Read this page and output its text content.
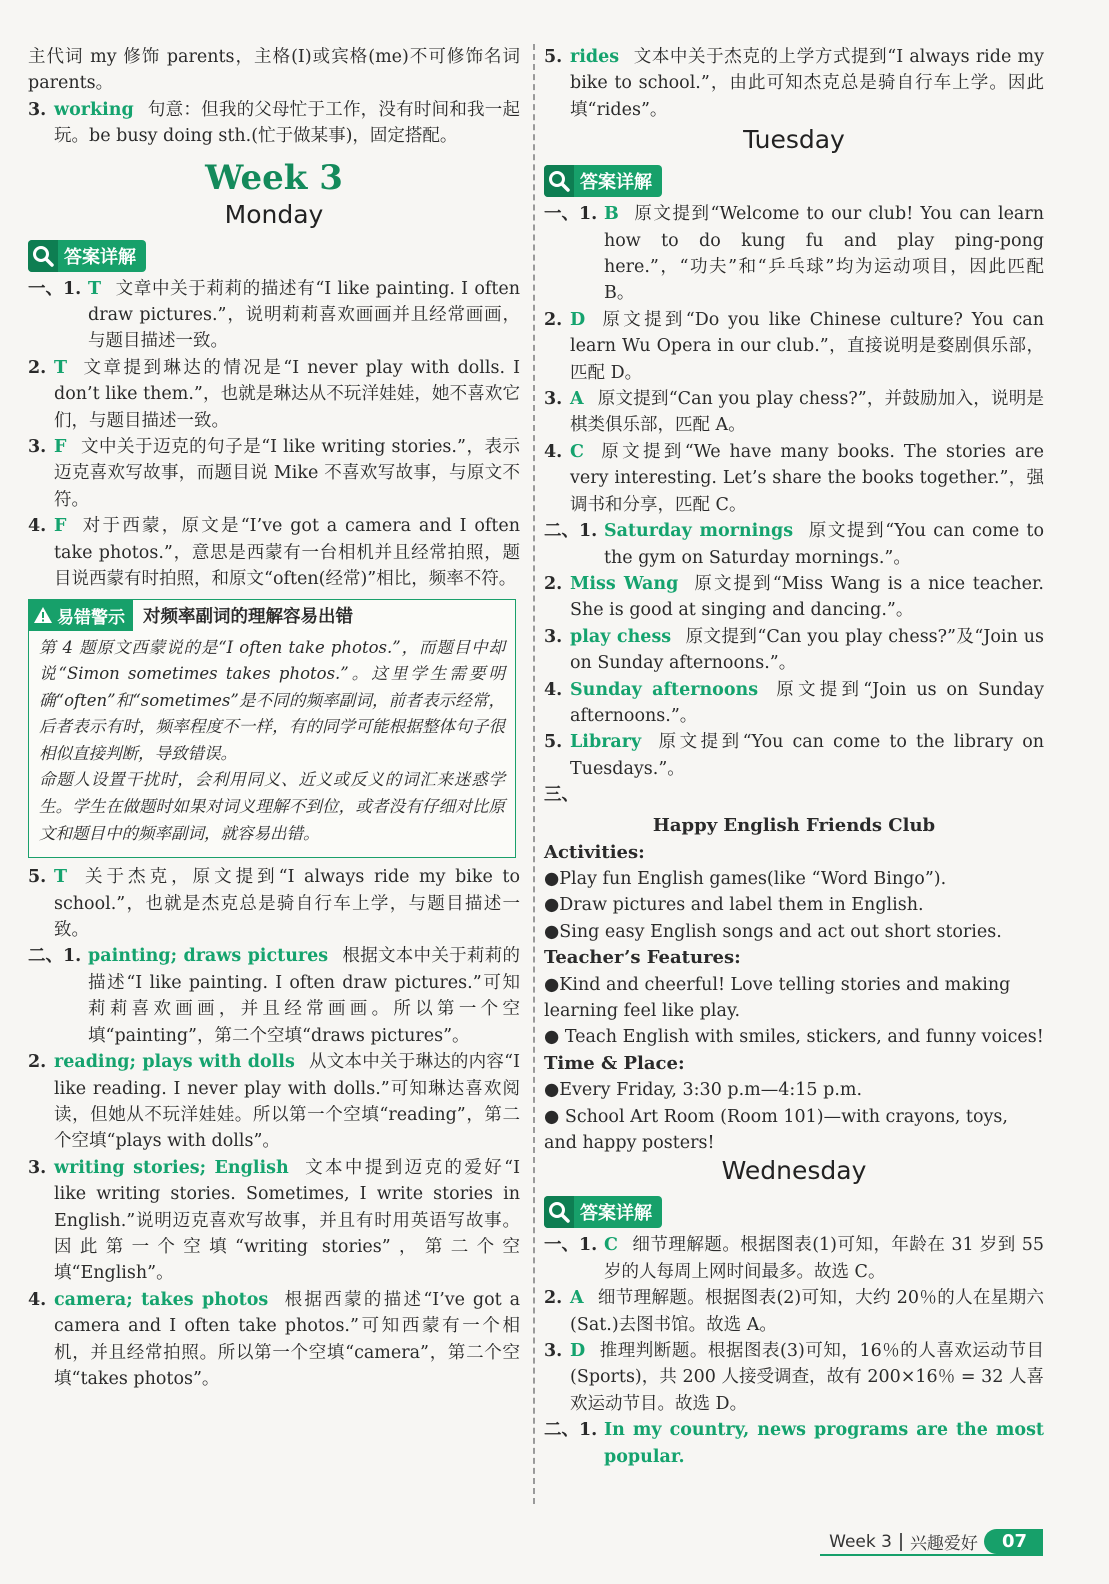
主代词 my 修饰 parents，主格(I)或宾格(me)不可修饰名词 parents。

3. working 句意：但我的父母忙于工作，没有时间和我一起玩。be busy doing sth.(忙于做某事)，固定搭配。

Week 3
Monday
答案详解

一、1. T 文章中关于莉莉的描述有“I like painting. I often draw pictures.”，说明莉莉喜欢画画并且经常画画，与题目描述一致。

2. T 文章提到琳达的情况是“I never play with dolls. I don’t like them.”，也就是琳达从不玩洋娃娃，她不喜欢它们，与题目描述一致。

3. F 文中关于迈克的句子是“I like writing stories.”，表示迈克喜欢写故事，而题目说 Mike 不喜欢写故事，与原文不符。

4. F 对于西蒙，原文是“I’ve got a camera and I often take photos.”，意思是西蒙有一台相机并且经常拍照，题目说西蒙有时拍照，和原文“often(经常)”相比，频率不符。

易错警示 对频率副词的理解容易出错

第 4 题原文西蒙说的是“I often take photos.”，而题目中却说“Simon sometimes takes photos.”。这里学生需要明确“often”和“sometimes”是不同的频率副词，前者表示经常，后者表示有时，频率程度不一样，有的同学可能根据整体句子很相似直接判断，导致错误。

命题人设置干扰时，会利用同义、近义或反义的词汇来迷惑学生。学生在做题时如果对词义理解不到位，或者没有仔细对比原文和题目中的频率副词，就容易出错。

5. T 关于杰克，原文提到“I always ride my bike to school.”，也就是杰克总是骑自行车上学，与题目描述一致。

二、1. painting; draws pictures 根据文本中关于莉莉的描述“I like painting. I often draw pictures.”可知莉莉喜欢画画，并且经常画画。所以第一个空填“painting”，第二个空填“draws pictures”。

2. reading; plays with dolls 从文本中关于琳达的内容“I like reading. I never play with dolls.”可知琳达喜欢阅读，但她从不玩洋娃娃。所以第一个空填“reading”，第二个空填“plays with dolls”。

3. writing stories; English 文本中提到迈克的爱好“I like writing stories. Sometimes, I write stories in English.”说明迈克喜欢写故事，并且有时用英语写故事。因此第一个空填“writing stories”，第二个空填“English”。

4. camera; takes photos 根据西蒙的描述“I’ve got a camera and I often take photos.”可知西蒙有一个相机，并且经常拍照。所以第一个空填“camera”，第二个空填“takes photos”。

5. rides 文本中关于杰克的上学方式提到“I always ride my bike to school.”，由此可知杰克总是骑自行车上学。因此填“rides”。

Tuesday
答案详解

一、1. B 原文提到“Welcome to our club! You can learn how to do kung fu and play ping-pong here.”，“功夫”和“乒乓球”均为运动项目，因此匹配 B。

2. D 原文提到“Do you like Chinese culture? You can learn Wu Opera in our club.”，直接说明是婺剧俱乐部，匹配 D。

3. A 原文提到“Can you play chess?”，并鼓励加入，说明是棋类俱乐部，匹配 A。

4. C 原文提到“We have many books. The stories are very interesting. Let’s share the books together.”，强调书和分享，匹配 C。

二、1. Saturday mornings 原文提到“You can come to the gym on Saturday mornings.”。

2. Miss Wang 原文提到“Miss Wang is a nice teacher. She is good at singing and dancing.”。

3. play chess 原文提到“Can you play chess?”及“Join us on Sunday afternoons.”。

4. Sunday afternoons 原文提到“Join us on Sunday afternoons.”。

5. Library 原文提到“You can come to the library on Tuesdays.”。

三、

Happy English Friends Club

Activities:

●Play fun English games(like “Word Bingo”).

●Draw pictures and label them in English.

●Sing easy English songs and act out short stories.

Teacher’s Features:

●Kind and cheerful! Love telling stories and making learning feel like play.

● Teach English with smiles, stickers, and funny voices!

Time & Place:

●Every Friday, 3:30 p.m—4:15 p.m.

● School Art Room (Room 101)—with crayons, toys, and happy posters!

Wednesday
答案详解

一、1. C 细节理解题。根据图表(1)可知，年龄在 31 岁到 55 岁的人每周上网时间最多。故选 C。

2. A 细节理解题。根据图表(2)可知，大约 20％的人在星期六(Sat.)去图书馆。故选 A。

3. D 推理判断题。根据图表(3)可知，16％的人喜欢运动节目(Sports)，共 200 人接受调查，故有 200×16％ = 32 人喜欢运动节目。故选 D。

二、1. In my country, news programs are the most popular.

Week 3 兴趣爱好	07
